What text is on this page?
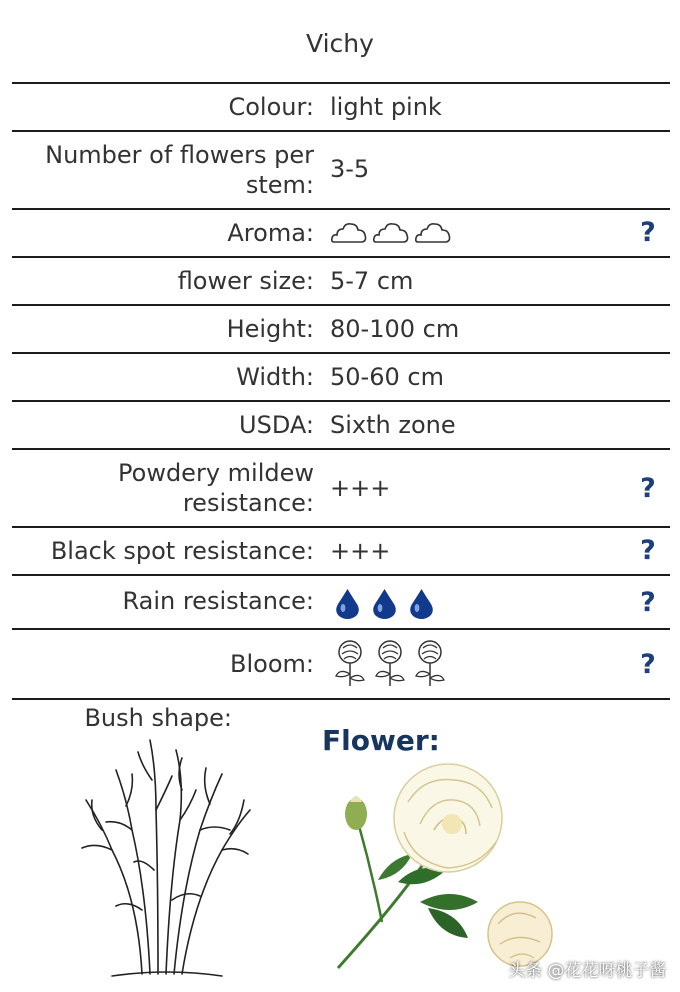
Vichy
Colour: light pink
Number of flowers per
stem:
3-5
Aroma:	?
flower size: 5-7 cm
Height: 80-100 cm
Width: 50-60 cm
USDA: Sixth zone
Powdery mildew
resistance:
+++	?
Black spot resistance: +++	?
Rain resistance:	?
Bloom:	?
Bush shape:
Flower:
头条 @花花呀桃子酱
